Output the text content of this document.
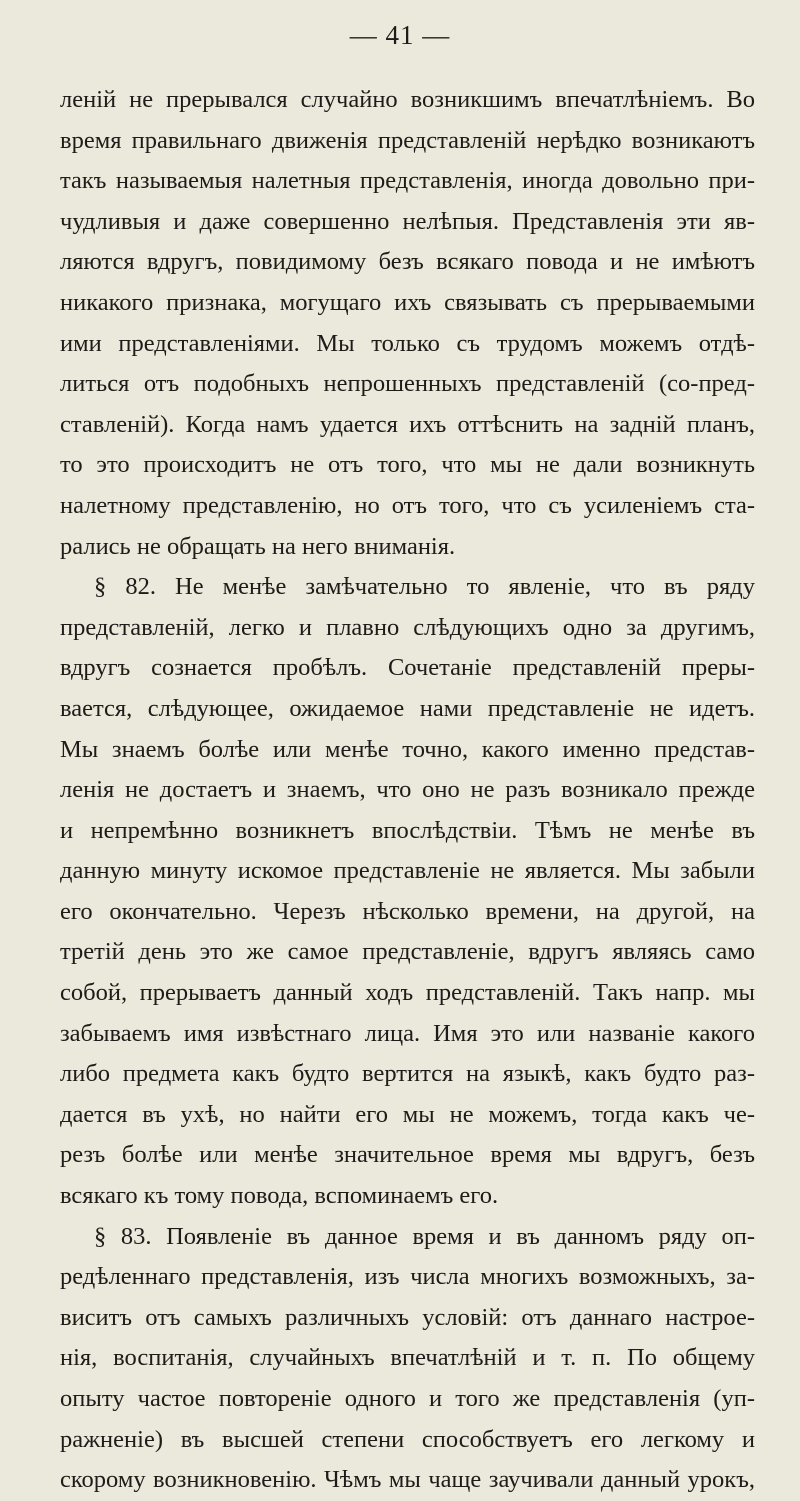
— 41 —
леній не прерывался случайно возникшимъ впечатлѣніемъ. Во
время правильнаго движенія представленій нерѣдко возникаютъ
такъ называемыя налетныя представленія, иногда довольно при-
чудливыя и даже совершенно нелѣпыя. Представленія эти яв-
ляются вдругъ, повидимому безъ всякаго повода и не имѣютъ
никакого признака, могущаго ихъ связывать съ прерываемыми
ими представленіями. Мы только съ трудомъ можемъ отдѣ-
литься отъ подобныхъ непрошенныхъ представленій (со-пред-
ставленій). Когда намъ удается ихъ оттѣснить на задній планъ,
то это происходитъ не отъ того, что мы не дали возникнуть
налетному представленію, но отъ того, что съ усиленіемъ ста-
рались не обращать на него вниманія.
§ 82. Не менѣе замѣчательно то явленіе, что въ ряду
представленій, легко и плавно слѣдующихъ одно за другимъ,
вдругъ сознается пробѣлъ. Сочетаніе представленій преры-
вается, слѣдующее, ожидаемое нами представленіе не идетъ.
Мы знаемъ болѣе или менѣе точно, какого именно представ-
ленія не достаетъ и знаемъ, что оно не разъ возникало прежде
и непремѣнно возникнетъ впослѣдствіи. Тѣмъ не менѣе въ
данную минуту искомое представленіе не является. Мы забыли
его окончательно. Черезъ нѣсколько времени, на другой, на
третій день это же самое представленіе, вдругъ являясь само
собой, прерываетъ данный ходъ представленій. Такъ напр. мы
забываемъ имя извѣстнаго лица. Имя это или названіе какого
либо предмета какъ будто вертится на языкѣ, какъ будто раз-
дается въ ухѣ, но найти его мы не можемъ, тогда какъ че-
резъ болѣе или менѣе значительное время мы вдругъ, безъ
всякаго къ тому повода, вспоминаемъ его.
§ 83. Появленіе въ данное время и въ данномъ ряду оп-
редѣленнаго представленія, изъ числа многихъ возможныхъ, за-
виситъ отъ самыхъ различныхъ условій: отъ даннаго настрое-
нія, воспитанія, случайныхъ впечатлѣній и т. п. По общему
опыту частое повтореніе одного и того же представленія (уп-
ражненіе) въ высшей степени способствуетъ его легкому и
скорому возникновенію. Чѣмъ мы чаще заучивали данный урокъ,
